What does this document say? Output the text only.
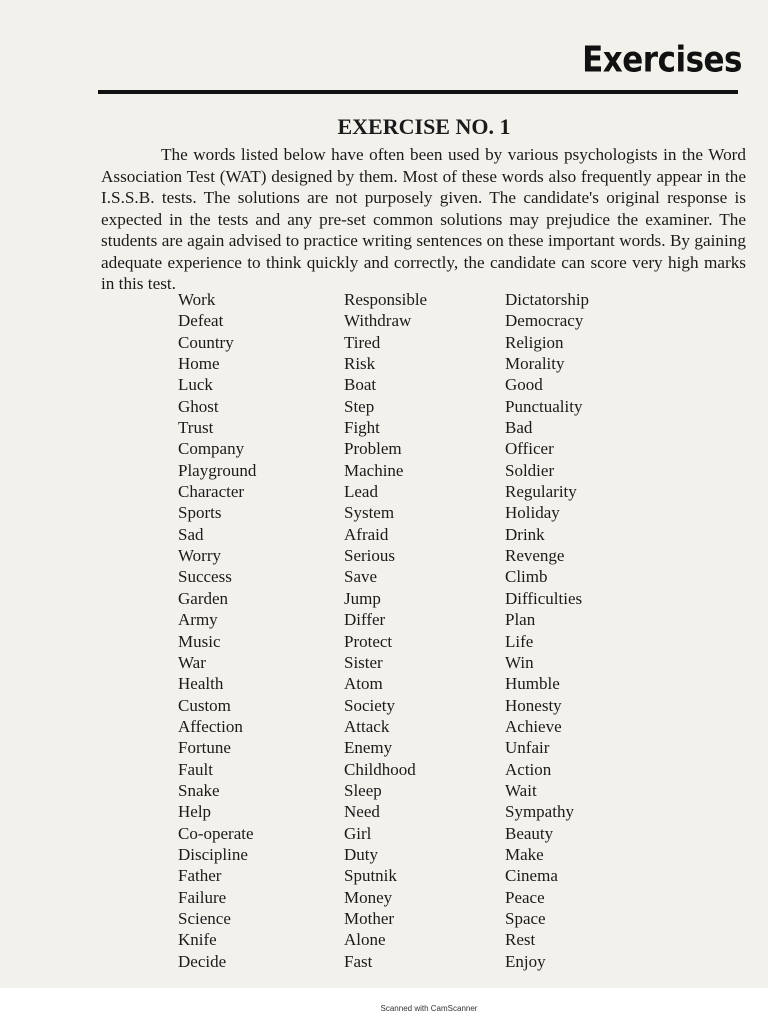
Exercises
EXERCISE NO. 1

The words listed below have often been used by various psychologists in the Word Association Test (WAT) designed by them. Most of these words also frequently appear in the I.S.S.B. tests. The solutions are not purposely given. The candidate's original response is expected in the tests and any pre-set common solutions may prejudice the examiner. The students are again advised to practice writing sentences on these important words. By gaining adequate experience to think quickly and correctly, the candidate can score very high marks in this test.

Work
Defeat
Country
Home
Luck
Ghost
Trust
Company
Playground
Character
Sports
Sad
Worry
Success
Garden
Army
Music
War
Health
Custom
Affection
Fortune
Fault
Snake
Help
Co-operate
Discipline
Father
Failure
Science
Knife
Decide
Responsible
Withdraw
Tired
Risk
Boat
Step
Fight
Problem
Machine
Lead
System
Afraid
Serious
Save
Jump
Differ
Protect
Sister
Atom
Society
Attack
Enemy
Childhood
Sleep
Need
Girl
Duty
Sputnik
Money
Mother
Alone
Fast
Dictatorship
Democracy
Religion
Morality
Good
Punctuality
Bad
Officer
Soldier
Regularity
Holiday
Drink
Revenge
Climb
Difficulties
Plan
Life
Win
Humble
Honesty
Achieve
Unfair
Action
Wait
Sympathy
Beauty
Make
Cinema
Peace
Space
Rest
Enjoy
Scanned with CamScanner
